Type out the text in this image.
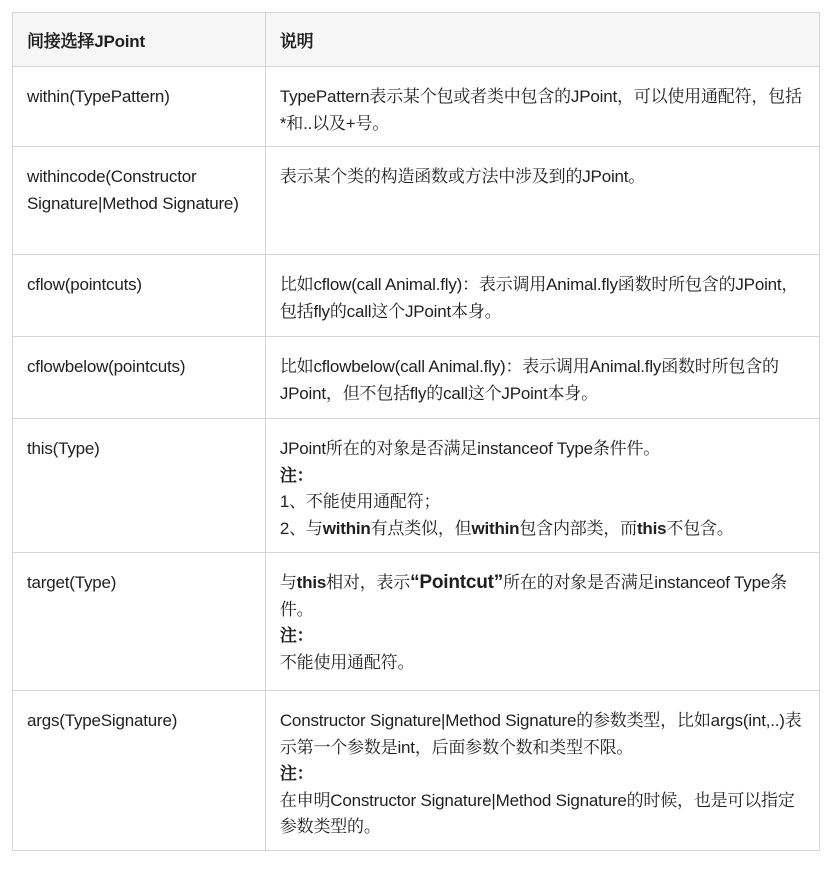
间接选择JPoint	说明
within(TypePattern)	TypePattern表示某个包或者类中包含的JPoint，可以使用通配符，包括*和..以及+号。

withincode(Constructor Signature|Method Signature)	表示某个类的构造函数或方法中涉及到的JPoint。

cflow(pointcuts)	比如cflow(call Animal.fly)：表示调用Animal.fly函数时所包含的JPoint，包括fly的call这个JPoint本身。

cflowbelow(pointcuts)	比如cflowbelow(call Animal.fly)：表示调用Animal.fly函数时所包含的JPoint，但不包括fly的call这个JPoint本身。

this(Type)	JPoint所在的对象是否满足instanceof Type条件件。
注：
1、不能使用通配符；
2、与within有点类似，但within包含内部类，而this不包含。

target(Type)	与this相对，表示“Pointcut”所在的对象是否满足instanceof Type条件。
注：
不能使用通配符。

args(TypeSignature)	Constructor Signature|Method Signature的参数类型，比如args(int,..)表示第一个参数是int，后面参数个数和类型不限。
注：
在申明Constructor Signature|Method Signature的时候，也是可以指定参数类型的。
